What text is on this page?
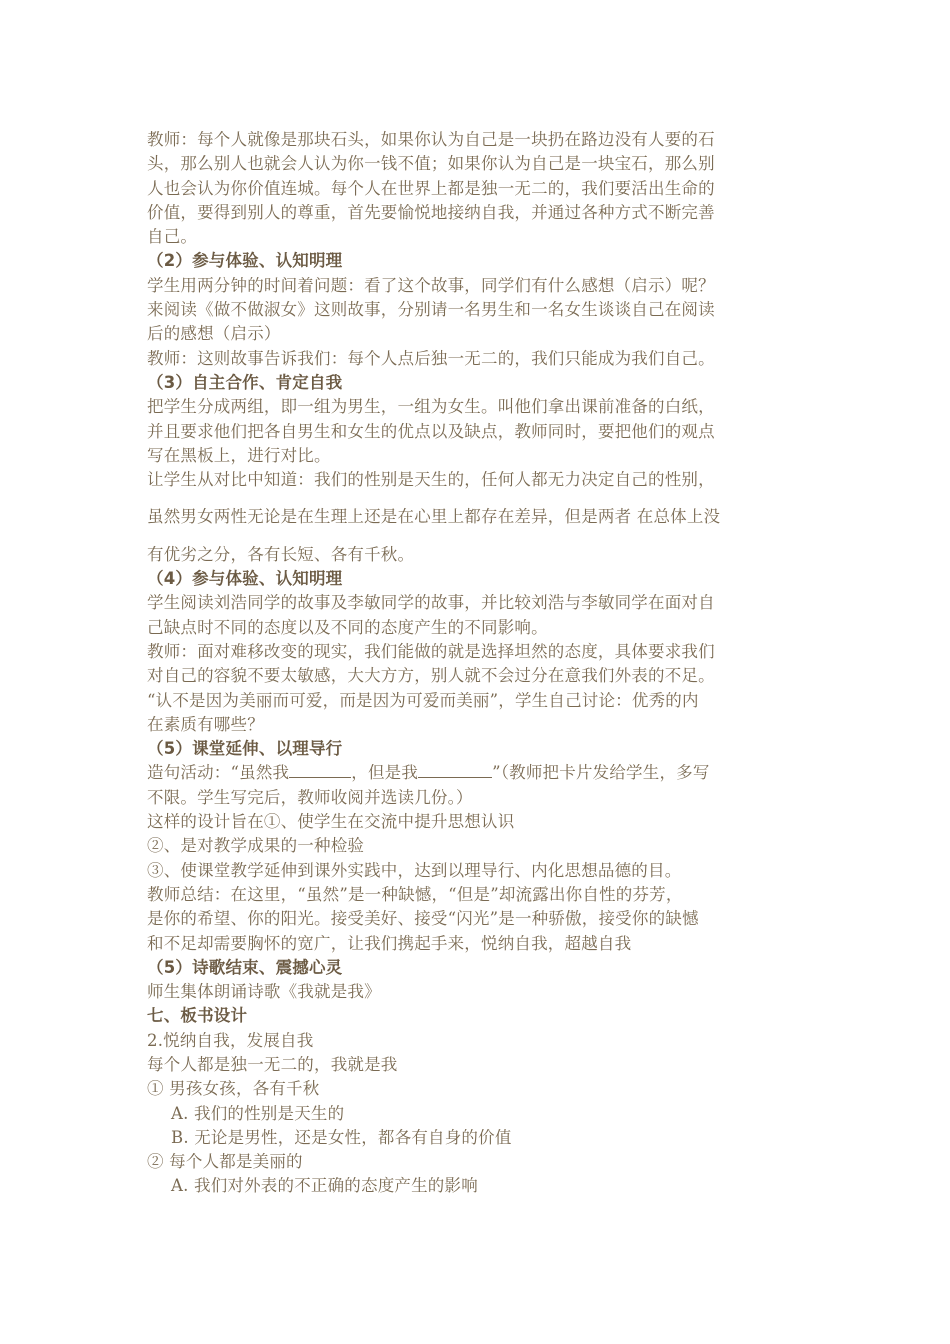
教师：每个人就像是那块石头，如果你认为自己是一块扔在路边没有人要的石

头，那么别人也就会人认为你一钱不值；如果你认为自己是一块宝石，那么别

人也会认为你价值连城。每个人在世界上都是独一无二的，我们要活出生命的

价值，要得到别人的尊重，首先要愉悦地接纳自我，并通过各种方式不断完善

自己。

（2）参与体验、认知明理

学生用两分钟的时间着问题：看了这个故事，同学们有什么感想（启示）呢？

来阅读《做不做淑女》这则故事，分别请一名男生和一名女生谈谈自己在阅读

后的感想（启示）

教师：这则故事告诉我们：每个人点后独一无二的，我们只能成为我们自己。

（3）自主合作、肯定自我

把学生分成两组，即一组为男生，一组为女生。叫他们拿出课前准备的白纸，

并且要求他们把各自男生和女生的优点以及缺点，教师同时，要把他们的观点

写在黑板上，进行对比。

让学生从对比中知道：我们的性别是天生的，任何人都无力决定自己的性别，

虽然男女两性无论是在生理上还是在心里上都存在差异，但是两者 在总体上没

有优劣之分，各有长短、各有千秋。

（4）参与体验、认知明理

学生阅读刘浩同学的故事及李敏同学的故事，并比较刘浩与李敏同学在面对自

己缺点时不同的态度以及不同的态度产生的不同影响。

教师：面对难移改变的现实，我们能做的就是选择坦然的态度，具体要求我们

对自己的容貌不要太敏感，大大方方，别人就不会过分在意我们外表的不足。

“认不是因为美丽而可爱，而是因为可爱而美丽”，学生自己讨论：优秀的内

在素质有哪些？

（5）课堂延伸、以理导行

造句活动：“虽然我	，但是我	”（教师把卡片发给学生，多写

不限。学生写完后，教师收阅并选读几份。）

这样的设计旨在①、使学生在交流中提升思想认识

②、是对教学成果的一种检验

③、使课堂教学延伸到课外实践中，达到以理导行、内化思想品德的目。

教师总结：在这里，“虽然”是一种缺憾，“但是”却流露出你自性的芬芳，

是你的希望、你的阳光。接受美好、接受“闪光”是一种骄傲，接受你的缺憾

和不足却需要胸怀的宽广，让我们携起手来，悦纳自我，超越自我

（5）诗歌结束、震撼心灵

师生集体朗诵诗歌《我就是我》

七、板书设计

2.悦纳自我，发展自我

每个人都是独一无二的，我就是我

① 男孩女孩，各有千秋

A. 我们的性别是天生的

B. 无论是男性，还是女性，都各有自身的价值

② 每个人都是美丽的

A. 我们对外表的不正确的态度产生的影响
